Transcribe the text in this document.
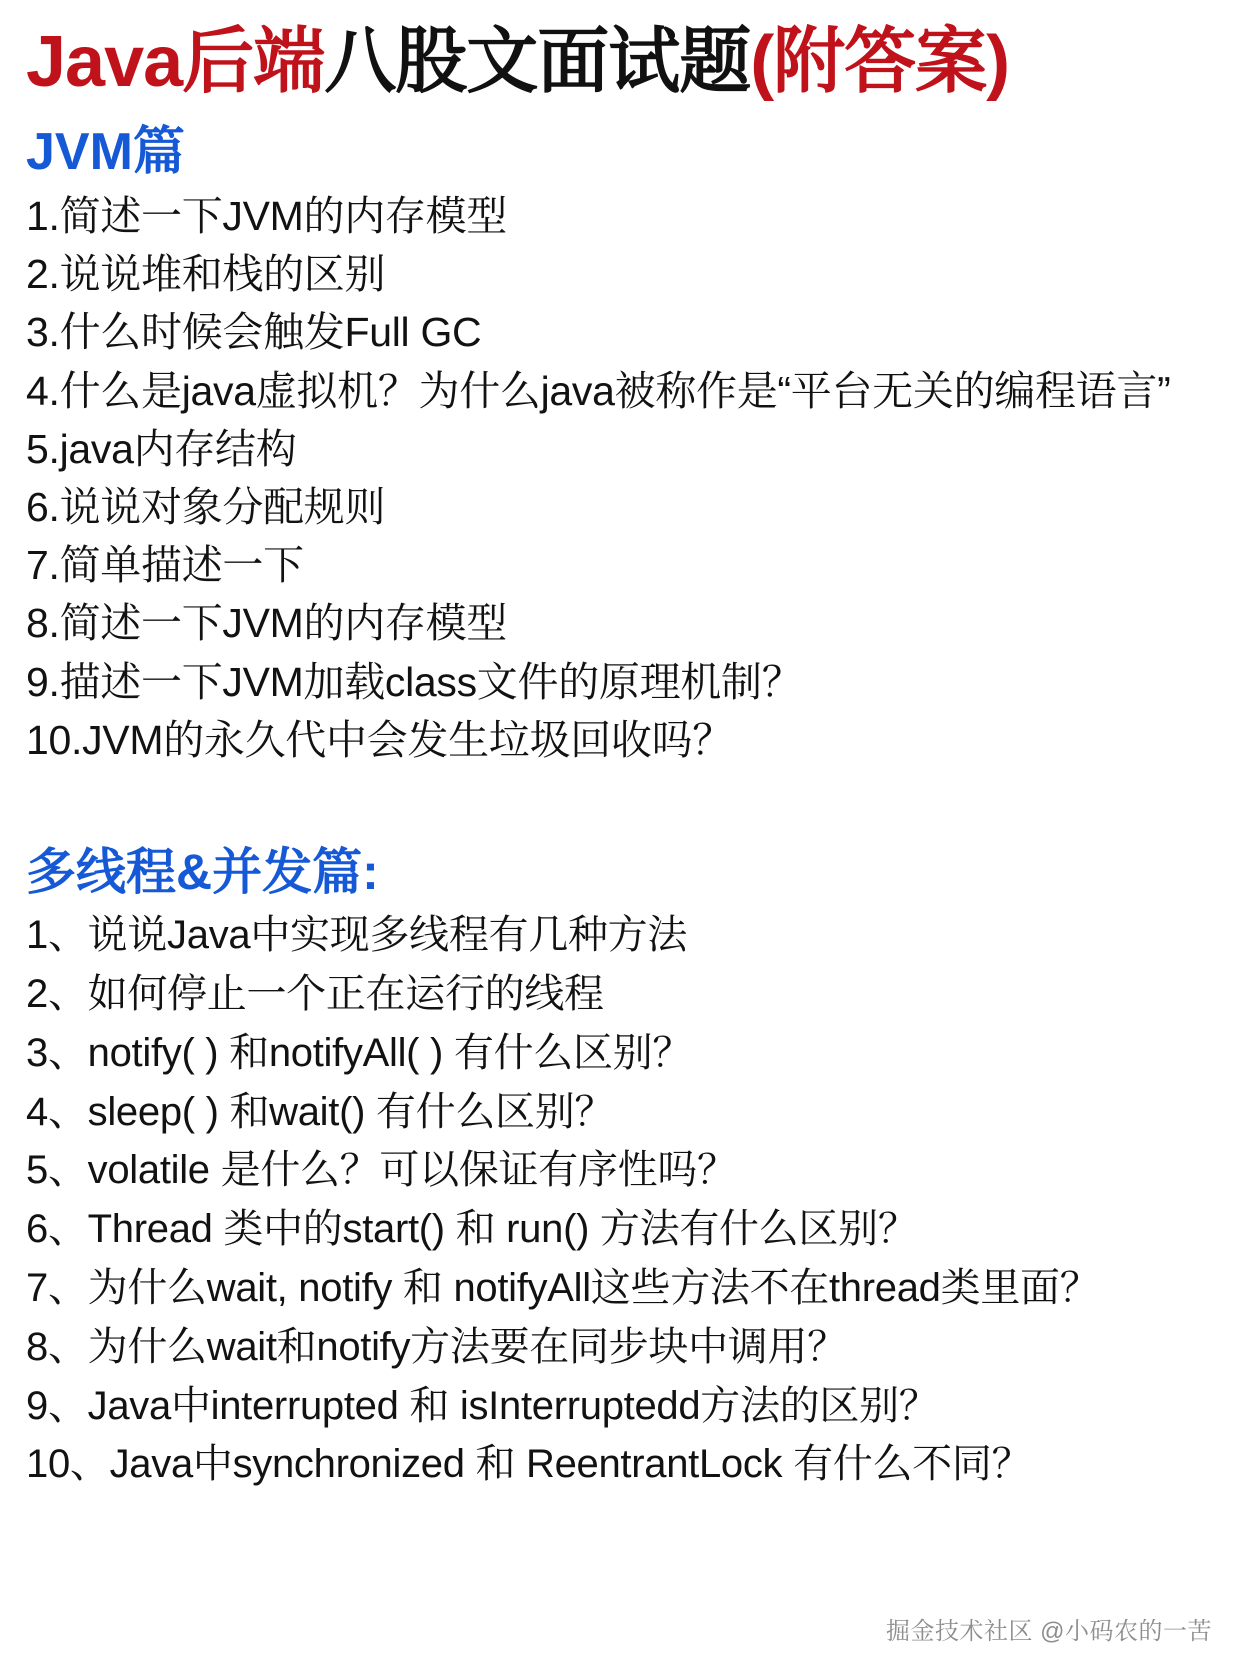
Java后端八股文面试题(附答案)
JVM篇
1.简述一下JVM的内存模型
2.说说堆和栈的区别
3.什么时候会触发Full GC
4.什么是java虚拟机？为什么java被称作是“平台无关的编程语言”
5.java内存结构
6.说说对象分配规则
7.简单描述一下
8.简述一下JVM的内存模型
9.描述一下JVM加载class文件的原理机制？
10.JVM的永久代中会发生垃圾回收吗？
多线程&并发篇:
1、说说Java中实现多线程有几种方法
2、如何停止一个正在运行的线程
3、notify( ) 和notifyAll( ) 有什么区别？
4、sleep( ) 和wait() 有什么区别？
5、volatile 是什么？可以保证有序性吗？
6、Thread 类中的start() 和 run() 方法有什么区别？
7、为什么wait, notify 和 notifyAll这些方法不在thread类里面？
8、为什么wait和notify方法要在同步块中调用？
9、Java中interrupted 和 isInterruptedd方法的区别？
10、Java中synchronized 和 ReentrantLock 有什么不同？
掘金技术社区 @小码农的一苦
